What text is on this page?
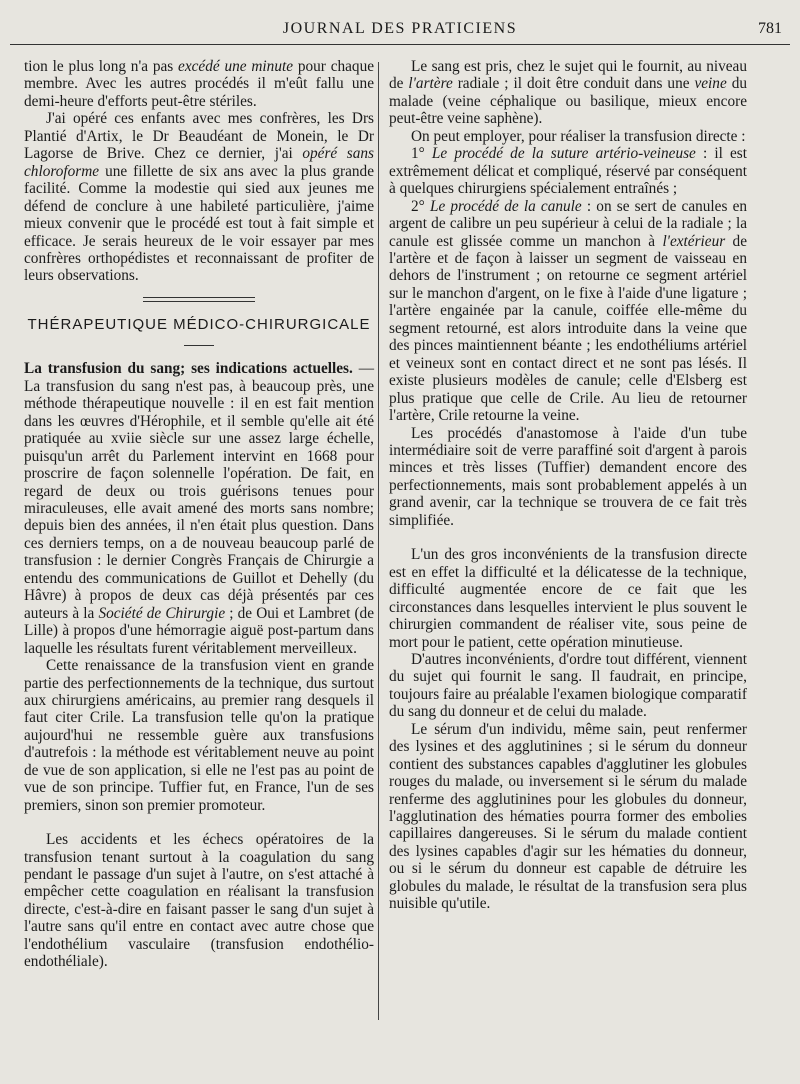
JOURNAL DES PRATICIENS	781

tion le plus long n'a pas excédé une minute pour chaque membre. Avec les autres procédés il m'eût fallu une demi-heure d'efforts peut-être stériles.

J'ai opéré ces enfants avec mes confrères, les Drs Plantié d'Artix, le Dr Beaudéant de Monein, le Dr Lagorse de Brive. Chez ce dernier, j'ai opéré sans chloroforme une fillette de six ans avec la plus grande facilité. Comme la modestie qui sied aux jeunes me défend de conclure à une habileté particulière, j'aime mieux convenir que le procédé est tout à fait simple et efficace. Je serais heureux de le voir essayer par mes confrères orthopédistes et reconnaissant de profiter de leurs observations.

THÉRAPEUTIQUE MÉDICO-CHIRURGICALE

La transfusion du sang; ses indications actuelles. — La transfusion du sang n'est pas, à beaucoup près, une méthode thérapeutique nouvelle : il en est fait mention dans les œuvres d'Hérophile, et il semble qu'elle ait été pratiquée au xviie siècle sur une assez large échelle, puisqu'un arrêt du Parlement intervint en 1668 pour proscrire de façon solennelle l'opération. De fait, en regard de deux ou trois guérisons tenues pour miraculeuses, elle avait amené des morts sans nombre; depuis bien des années, il n'en était plus question. Dans ces derniers temps, on a de nouveau beaucoup parlé de transfusion : le dernier Congrès Français de Chirurgie a entendu des communications de Guillot et Dehelly (du Hâvre) à propos de deux cas déjà présentés par ces auteurs à la Société de Chirurgie ; de Oui et Lambret (de Lille) à propos d'une hémorragie aiguë post-partum dans laquelle les résultats furent véritablement merveilleux.

Cette renaissance de la transfusion vient en grande partie des perfectionnements de la technique, dus surtout aux chirurgiens américains, au premier rang desquels il faut citer Crile. La transfusion telle qu'on la pratique aujourd'hui ne ressemble guère aux transfusions d'autrefois : la méthode est véritablement neuve au point de vue de son application, si elle ne l'est pas au point de vue de son principe. Tuffier fut, en France, l'un de ses premiers, sinon son premier promoteur.

Les accidents et les échecs opératoires de la transfusion tenant surtout à la coagulation du sang pendant le passage d'un sujet à l'autre, on s'est attaché à empêcher cette coagulation en réalisant la transfusion directe, c'est-à-dire en faisant passer le sang d'un sujet à l'autre sans qu'il entre en contact avec autre chose que l'endothélium vasculaire (transfusion endothélio-endothéliale).

Le sang est pris, chez le sujet qui le fournit, au niveau de l'artère radiale ; il doit être conduit dans une veine du malade (veine céphalique ou basilique, mieux encore peut-être veine saphène).

On peut employer, pour réaliser la transfusion directe :

1° Le procédé de la suture artério-veineuse : il est extrêmement délicat et compliqué, réservé par conséquent à quelques chirurgiens spécialement entraînés ;

2° Le procédé de la canule : on se sert de canules en argent de calibre un peu supérieur à celui de la radiale ; la canule est glissée comme un manchon à l'extérieur de l'artère et de façon à laisser un segment de vaisseau en dehors de l'instrument ; on retourne ce segment artériel sur le manchon d'argent, on le fixe à l'aide d'une ligature ; l'artère engainée par la canule, coiffée elle-même du segment retourné, est alors introduite dans la veine que des pinces maintiennent béante ; les endothéliums artériel et veineux sont en contact direct et ne sont pas lésés. Il existe plusieurs modèles de canule; celle d'Elsberg est plus pratique que celle de Crile. Au lieu de retourner l'artère, Crile retourne la veine.

Les procédés d'anastomose à l'aide d'un tube intermédiaire soit de verre paraffiné soit d'argent à parois minces et très lisses (Tuffier) demandent encore des perfectionnements, mais sont probablement appelés à un grand avenir, car la technique se trouvera de ce fait très simplifiée.

L'un des gros inconvénients de la transfusion directe est en effet la difficulté et la délicatesse de la technique, difficulté augmentée encore de ce fait que les circonstances dans lesquelles intervient le plus souvent le chirurgien commandent de réaliser vite, sous peine de mort pour le patient, cette opération minutieuse.

D'autres inconvénients, d'ordre tout différent, viennent du sujet qui fournit le sang. Il faudrait, en principe, toujours faire au préalable l'examen biologique comparatif du sang du donneur et de celui du malade.

Le sérum d'un individu, même sain, peut renfermer des lysines et des agglutinines ; si le sérum du donneur contient des substances capables d'agglutiner les globules rouges du malade, ou inversement si le sérum du malade renferme des agglutinines pour les globules du donneur, l'agglutination des hématies pourra former des embolies capillaires dangereuses. Si le sérum du malade contient des lysines capables d'agir sur les hématies du donneur, ou si le sérum du donneur est capable de détruire les globules du malade, le résultat de la transfusion sera plus nuisible qu'utile.
